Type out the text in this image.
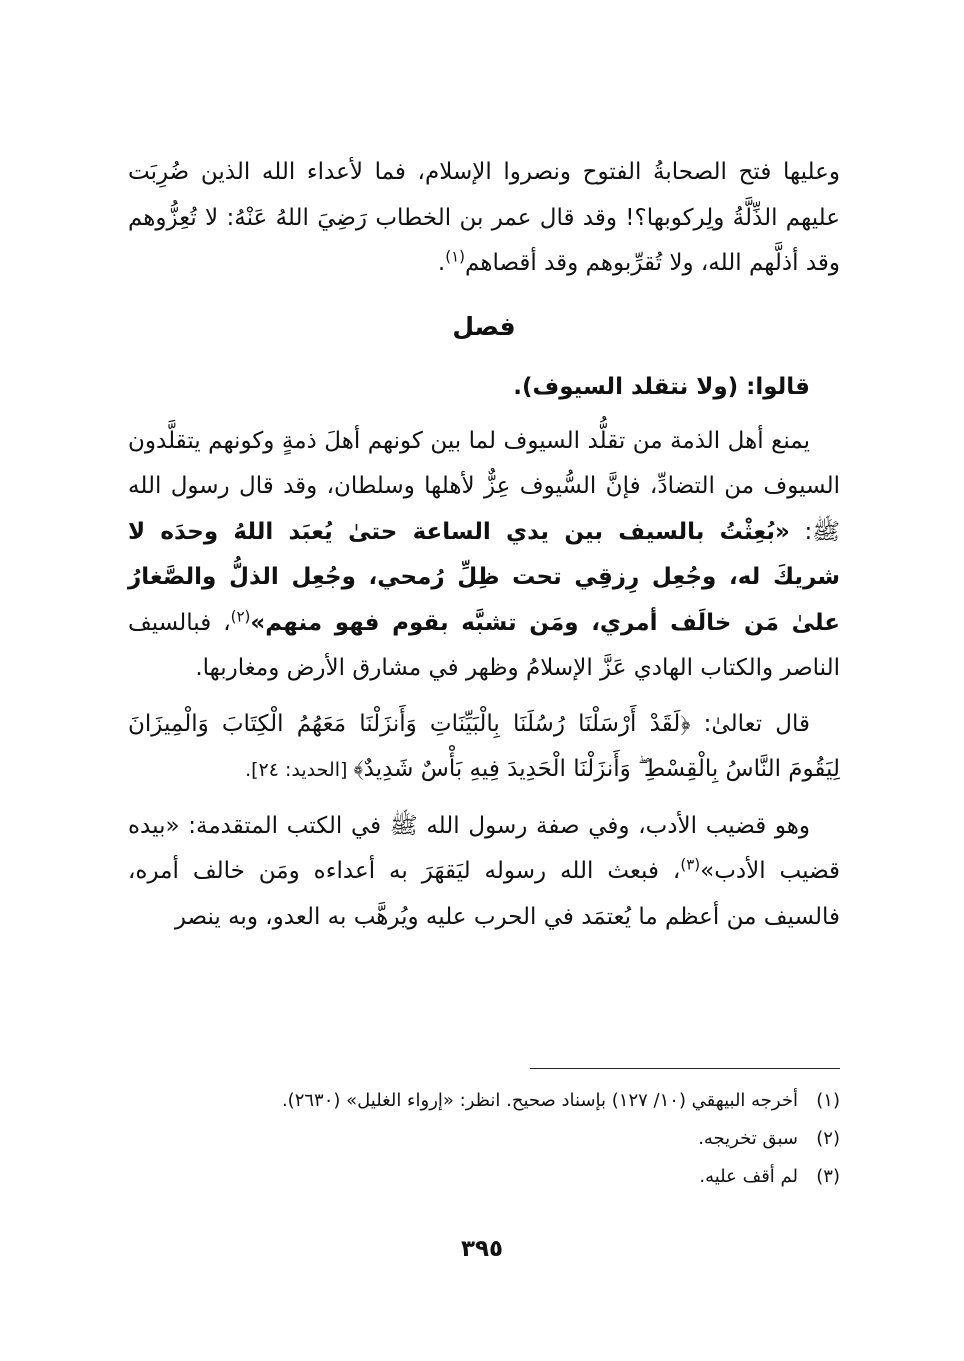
وعليها فتح الصحابةُ الفتوح ونصروا الإسلام، فما لأعداء الله الذين ضُرِبَت عليهم الذِّلَّةُ ولِركوبها؟! وقد قال عمر بن الخطاب رَضِيَ اللهُ عَنْهُ: لا تُعِزُّوهم وقد أذلَّهم الله، ولا تُقرِّبوهم وقد أقصاهم$^{(١)}$.

فصل
قالوا: (ولا نتقلد السيوف).

يمنع أهل الذمة من تقلُّد السيوف لما بين كونهم أهلَ ذمةٍ وكونهم يتقلَّدون السيوف من التضادِّ، فإنَّ السُّيوف عِزٌّ لأهلها وسلطان، وقد قال رسول الله ﷺ: «بُعِثْتُ بالسيف بين يدي الساعة حتىٰ يُعبَد اللهُ وحدَه لا شريكَ له، وجُعِل رِزقِي تحت ظِلِّ رُمحي، وجُعِل الذلُّ والصَّغارُ علىٰ مَن خالَف أمري، ومَن تشبَّه بقوم فهو منهم»$^{(٢)}$، فبالسيف الناصر والكتاب الهادي عَزَّ الإسلامُ وظهر في مشارق الأرض ومغاربها.

قال تعالىٰ: ﴿لَقَدْ أَرْسَلْنَا رُسُلَنَا بِالْبَيِّنَاتِ وَأَنزَلْنَا مَعَهُمُ الْكِتَابَ وَالْمِيزَانَ لِيَقُومَ النَّاسُ بِالْقِسْطِ ۖ وَأَنزَلْنَا الْحَدِيدَ فِيهِ بَأْسٌ شَدِيدٌ﴾ [الحديد: ٢٤].

وهو قضيب الأدب، وفي صفة رسول الله ﷺ في الكتب المتقدمة: «بيده قضيب الأدب»$^{(٣)}$، فبعث الله رسوله ليَقهَرَ به أعداءه ومَن خالف أمره، فالسيف من أعظم ما يُعتمَد في الحرب عليه ويُرهَّب به العدو، وبه ينصر

(١)أخرجه البيهقي (١٠/ ١٢٧) بإسناد صحيح. انظر: «إرواء الغليل» (٢٦٣٠).

(٢)سبق تخريجه.

(٣)لم أقف عليه.

٣٩٥
